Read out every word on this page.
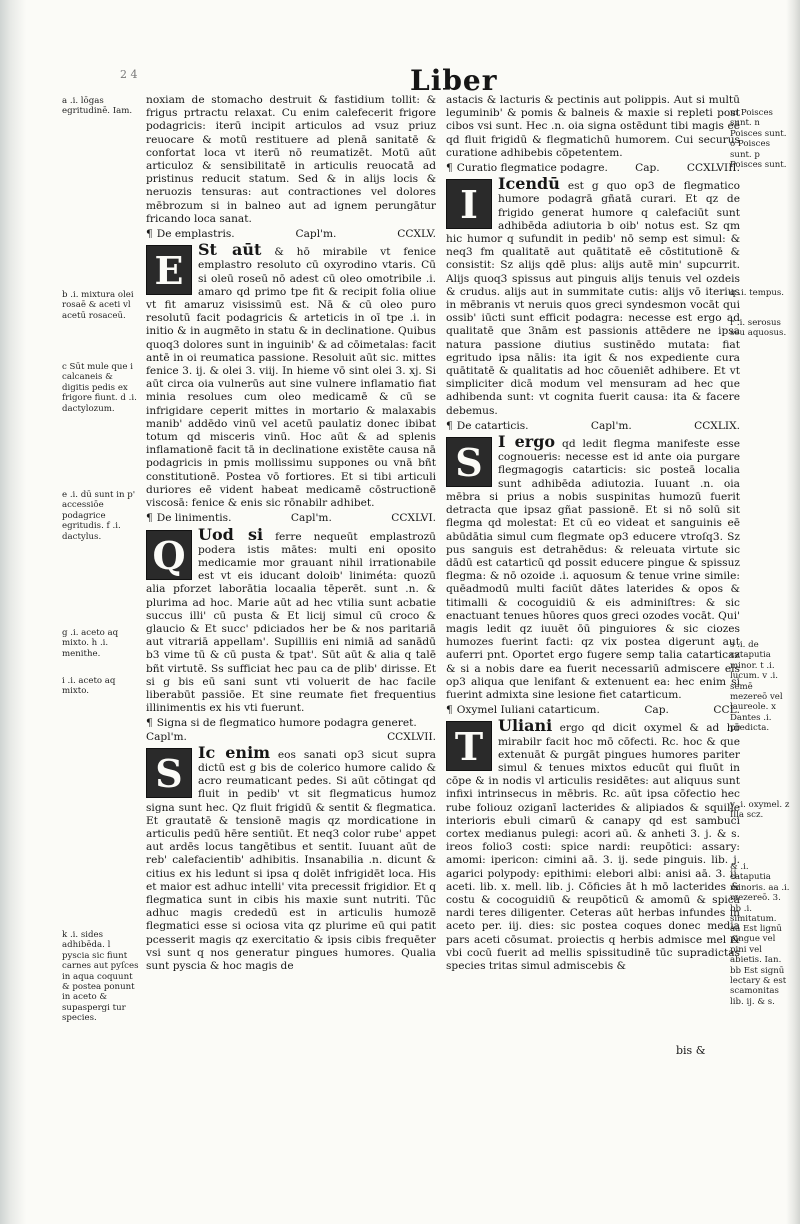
2 4	Liber
a .i. lōgas egritudinē. Iam.
b .i. mixtura olei rosaē & aceti vl acetū rosaceū.
c Sūt mule que i calcaneis & digitis pedis ex frigore fiunt. d .i. dactylozum.
e .i. dū sunt in p' accessiōe podagrice egritudis. f .i. dactylus.
g .i. aceto aq mixto. h .i. menithe.
i .i. aceto aq mixto.
k .i. sides adhibēda. l pyscia sic fiunt carnes aut pyſces in aqua coquunt & postea ponunt in aceto & supaspergi tur species.
m Poisces sunt. n Poisces sunt. o Poisces sunt. p Poisces sunt.
q .i. tempus.
r .i. serosus seu aquosus.
s .i. de cataputia minor. t .i. lucum. v .i. semē mezereō vel laureole. x Dantes .i. predicta.
y .i. oxymel. z Illa scz.
& .i. cataputia minoris. aa .i. mezereō. 3. bb .i. simitatum.
aa Est lignū pingue vel pini vel abietis. Ian. bb Est signū lectary & est scamonitas lib. ij. & s.

noxiam de stomacho destruit & fastidium tollit: & frigus prtractu relaxat. Cu enim calefecerit frigore podagricis: iterū incipit articulos ad vsuz priuz reuocare & motū restituere ad plenā sanitatē & confortat loca vt iterū nō reumatizēt. Motū aūt articuloz & sensibilitatē in articulis reuocatā ad pristinus reducit statum. Sed & in alijs locis & neruozis tensuras: aut contractiones vel dolores mēbrozum si in balneo aut ad ignem perungātur fricando loca sanat.

¶ De emplastris.	Capl'm.	CCXLV.

E St aūt & hō mirabile vt fenice emplastro resoluto cū oxyrodino vtaris. Cū si oleū roseū nō adest cū oleo omotribile .i. amaro qd primo tpe fit & recipit folia oliue vt fit amaruz visissimū est. Nā & cū oleo puro resolutū facit podagricis & arteticis in oī tpe .i. in initio & in augmēto in statu & in declinatione. Quibus quoq3 dolores sunt in inguinib' & ad cōimetalas: facit antē in oi reumatica passione. Resoluit aūt sic. mittes fenice 3. ij. & olei 3. viij. In hieme vō sint olei 3. xj. Si aūt circa oia vulnerūs aut sine vulnere inflamatio fiat minia resolues cum oleo medicamē & cū se infrigidare ceperit mittes in mortario & malaxabis manib' addēdo vinū vel acetū paulatiz donec ibibat totum qd misceris vinū. Hoc aūt & ad splenis inflamationē facit tā in declinatione existēte causa nā podagricis in pmis mollissimu suppones ou vnā bñt constitutionē. Postea vō fortiores. Et si tibi articuli duriores eē vident habeat medicamē cōstructionē viscosā: fenice & enis sic rōnabilr adhibet.

¶ De linimentis.	Capl'm.	CCXLVI.

Q Uod si ferre nequeūt emplastrozū podera istis mātes: multi eni oposito medicamie mor grauant nihil irrationabile est vt eis iducant doloib' liniméta: quozū alia pforzet laborātia locaalia tēperēt. sunt .n. & plurima ad hoc. Marie aūt ad hec vtilia sunt acbatie succus illi' cū pusta & Et licij simul cū croco & glaucio & Et succ' pdiciados her be & nos paritariā aut vitrariā appellam'. Supilliis eni nimiā ad sanādū b3 vime tū & cū pusta & tpat'. Sūt aūt & alia q talē bñt virtutē. Ss sufficiat hec pau ca de plib' dirisse. Et si g bis eū sani sunt vti voluerit de hac facile liberabūt passiōe. Et sine reumate fiet frequentius illinimentis ex his vti fuerunt.

¶ Signa si de flegmatico humore podagra generet.
Capl'm.	CCXLVII.

S Ic enim eos sanati op3 sicut supra dictū est g bis de colerico humore calido & acro reumaticant pedes. Si aūt cōtingat qd fluit in pedib' vt sit flegmaticus humoz signa sunt hec. Qz fluit frigidū & sentit & flegmatica. Et grautatē & tensionē magis qz mordicatione in articulis pedū hēre sentiūt. Et neq3 color rube' appet aut ardēs locus tangētibus et sentit. Iuuant aūt de reb' calefacientib' adhibitis. Insanabilia .n. dicunt & citius ex his ledunt si ipsa q dolēt infrigidēt loca. His et maior est adhuc intelli' vita precessit frigidior. Et q flegmatica sunt in cibis his maxie sunt nutriti. Tūc adhuc magis crededū est in articulis humozē flegmatici esse si ociosa vita qz plurime eū qui patit pcesserit magis qz exercitatio & ipsis cibis frequēter vsi sunt q nos generatur pingues humores. Qualia sunt pyscia & hoc magis de

astacis & lacturis & pectinis aut polippis. Aut si multū leguminib' & pomis & balneis & maxie si repleti post cibos vsi sunt. Hec .n. oia signa ostēdunt tibi magis eē qd fluit frigidū & flegmatichū humorem. Cui securus curatione adhibebis cōpetentem.

¶ Curatio flegmatice podagre.	Cap.	CCXLVIII.

I	Icendū est g quo op3 de flegmatico humore podagrā gñatā curari. Et qz de frigido generat humore q calefaciūt sunt adhibēda adiutoria b oib' notus est. Sz qm hic humor q sufundit in pedib' nō semp est simul: & neq3 fm qualitatē aut quātitatē eē cōstitutionē & consistit: Sz alijs qdē plus: alijs autē min' supcurrit. Alijs quoq3 spissus aut pinguis alijs tenuis vel ozdeis & crudus. alijs aut in summitate cutis: alijs vō iterius in mēbranis vt neruis quos greci syndesmon vocāt qui ossib' iūcti sunt efficit podagra: necesse est ergo ad qualitatē que 3nām est passionis attēdere ne ipsa natura passione diutius sustinēdo mutata: fiat egritudo ipsa nālis: ita igit & nos expediente cura quātitatē & qualitatis ad hoc cōueniēt adhibere. Et vt simpliciter dicā modum vel mensuram ad hec que adhibenda sunt: vt cognita fuerit causa: ita & facere debemus.

¶ De catarticis.	Capl'm.	CCXLIX.

S I ergo qd ledit flegma manifeste esse cognoueris: necesse est id ante oia purgare flegmagogis catarticis: sic posteā localia sunt adhibēda adiutozia. Iuuant .n. oia mēbra si prius a nobis suspinitas humozū fuerit detracta que ipsaz gñat passionē. Et si nō solū sit flegma qd molestat: Et cū eo videat et sanguinis eē abūdātia simul cum flegmate op3 educere vtroſq3. Sz pus sanguis est detrahēdus: & releuata virtute sic dādū est catarticū qd possit educere pingue & spissuz flegma: & nō ozoide .i. aquosum & tenue vrine simile: quēadmodū multi faciūt dātes laterides & opos & titimalli & cocoguidiū & eis adminiſtres: & sic enactuant tenues hūores quos greci ozodes vocāt. Qui' magis ledit qz iuuēt ōū pinguiores & sic ciozes humozes fuerint facti: qz vix postea digerunt aut auferri pnt. Oportet ergo fugere semp talia catarticaz & si a nobis dare ea fuerit necessariū admiscere eis op3 aliqua que lenifant & extenuent ea: hec enim si fuerint admixta sine lesione fiet catarticum.

¶ Oxymel Iuliani catarticum.	Cap.	CCL.

T Uliani ergo qd dicit oxymel & ad hō mirabilr facit hoc mō cōfecti. Rc. hoc & que extenuāt & purgāt pingues humores pariter simul & tenues mixtos educūt qui fluūt in cōpe & in nodis vl articulis residētes: aut aliquus sunt infixi intrinsecus in mēbris. Rc. aūt ipsa cōfectio hec rube foliouz oziganī lacterides & alipiados & squille interioris ebuli cimarū & canapy qd est sambuci cortex medianus pulegi: acori aū. & anheti 3. j. & s. ireos folio3 costi: spice nardi: reupōtici: assary: amomi: ipericon: cimini aā. 3. ij. sede pinguis. lib. j. agarici polypody: epithimi: elebori albi: anisi aā. 3. ij. aceti. lib. x. mell. lib. j. Cōficies āt h mō lacterides & costu & cocoguidiū & reupōticū & amomū & spicā nardi teres diligenter. Ceteras aūt herbas infundes in aceto per. iij. dies: sic postea coques donec media pars aceti cōsumat. proiectis q herbis admisce mel & vbi cocū fuerit ad mellis spissitudinē tūc supradictas species tritas simul admiscebis &

bis &
